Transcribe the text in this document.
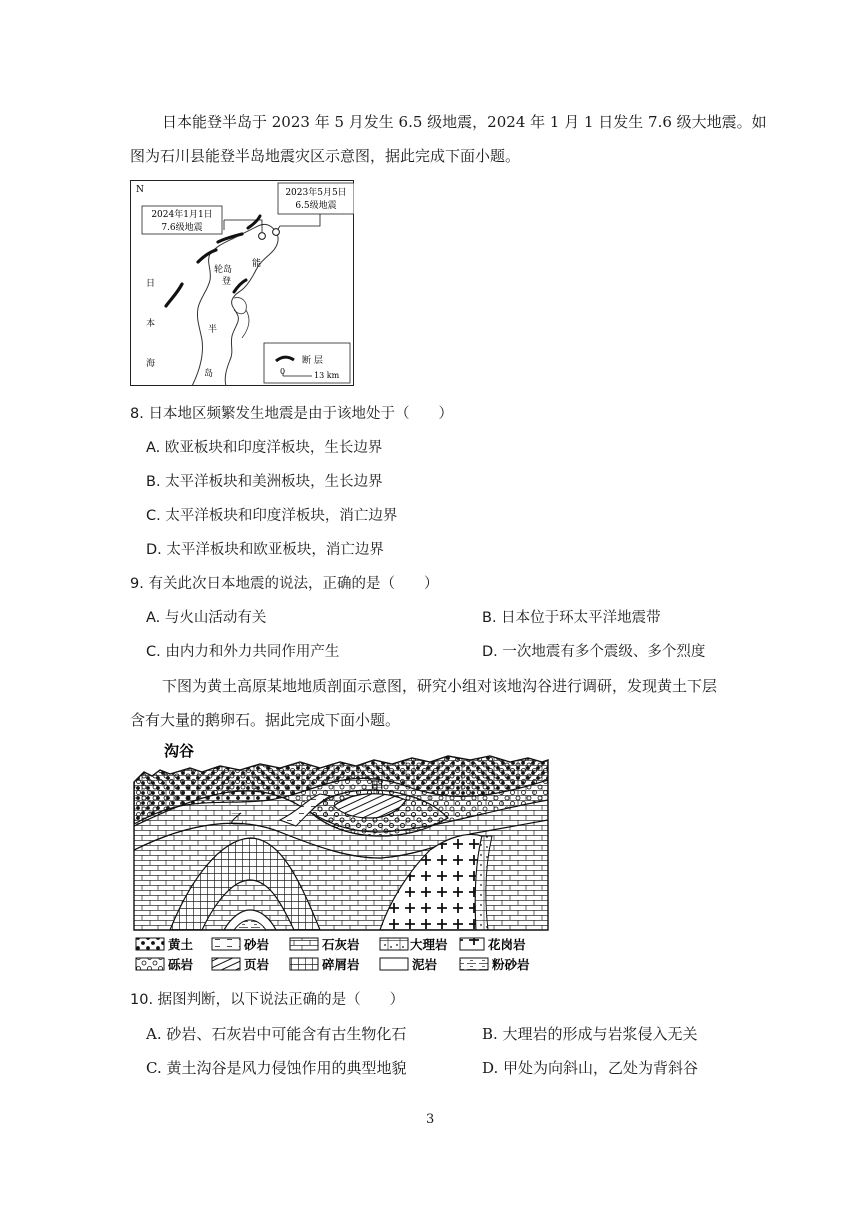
日本能登半岛于 2023 年 5 月发生 6.5 级地震，2024 年 1 月 1 日发生 7.6 级大地震。如
图为石川县能登半岛地震灾区示意图，据此完成下面小题。
2023年5月5日
6.5级地震
2024年1月1日
7.6级地震
N
轮岛
能
登
半
岛
日
本
海	断 层
0	13 km
8. 日本地区频繁发生地震是由于该地处于（　　）
A. 欧亚板块和印度洋板块，生长边界
B. 太平洋板块和美洲板块，生长边界
C. 太平洋板块和印度洋板块，消亡边界
D. 太平洋板块和欧亚板块，消亡边界
9. 有关此次日本地震的说法，正确的是（　　）
A. 与火山活动有关	B. 日本位于环太平洋地震带
C. 由内力和外力共同作用产生	D. 一次地震有多个震级、多个烈度
下图为黄土高原某地地质剖面示意图，研究小组对该地沟谷进行调研，发现黄土下层
含有大量的鹅卵石。据此完成下面小题。
沟谷
甲
乙
黄土	砂岩	石灰岩	大理岩	花岗岩
砾岩	页岩	碎屑岩	泥岩	粉砂岩
10. 据图判断，以下说法正确的是（　　）
A. 砂岩、石灰岩中可能含有古生物化石	B. 大理岩的形成与岩浆侵入无关
C. 黄土沟谷是风力侵蚀作用的典型地貌	D. 甲处为向斜山，乙处为背斜谷
3
